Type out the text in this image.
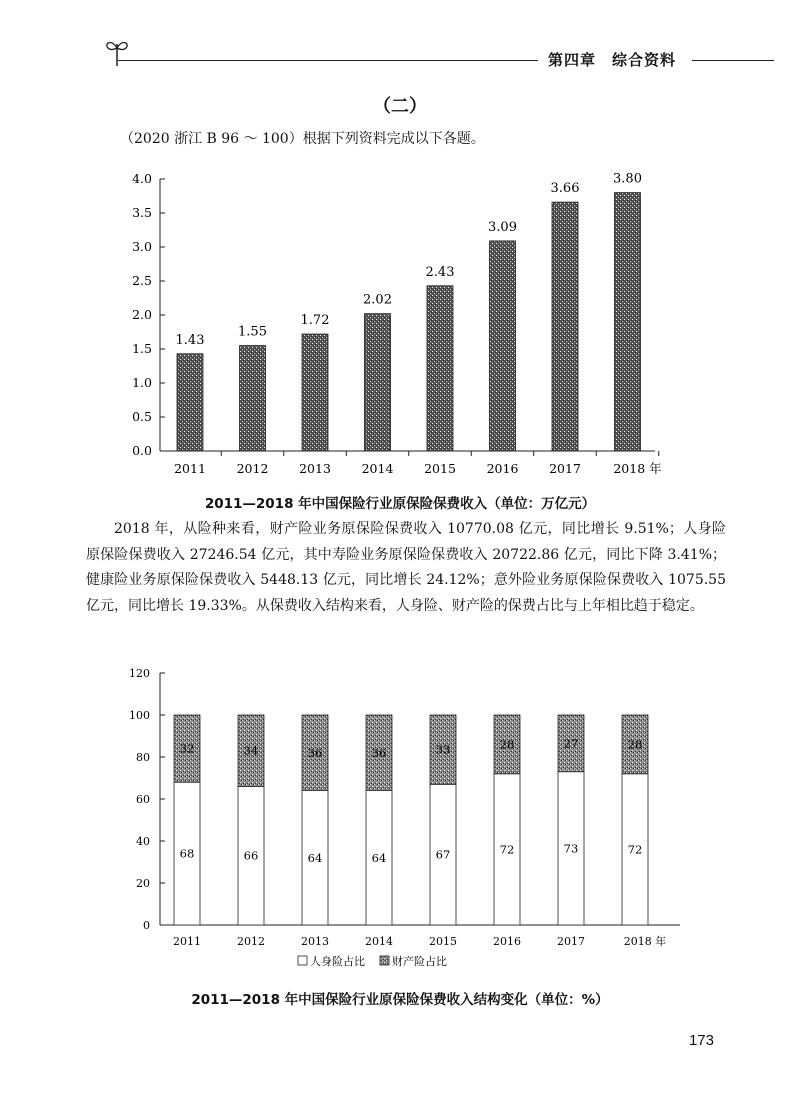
第四章　综合资料
（二）
（2020 浙江 B 96 ～ 100）根据下列资料完成以下各题。
0.0
0.5
1.0
1.5
2.0
2.5
3.0
3.5
4.0
1.43
2011
1.55
2012
1.72
2013
2.02
2014
2.43
2015
3.09
2016
3.66
2017
3.80
2018 年
2011—2018 年中国保险行业原保险保费收入（单位：万亿元）

2018 年，从险种来看，财产险业务原保险保费收入 10770.08 亿元，同比增长 9.51%；人身险原保险保费收入 27246.54 亿元，其中寿险业务原保险保费收入 20722.86 亿元，同比下降 3.41%；健康险业务原保险保费收入 5448.13 亿元，同比增长 24.12%；意外险业务原保险保费收入 1075.55 亿元，同比增长 19.33%。从保费收入结构来看，人身险、财产险的保费占比与上年相比趋于稳定。

0
20
40
60
80
100
120
68
32
2011
66
34
2012
64
36
2013
64
36
2014
67
33
2015
72
28
2016
73
27
2017
72
28
2018 年
人身险占比 财产险占比
2011—2018 年中国保险行业原保险保费收入结构变化（单位：%）
173
